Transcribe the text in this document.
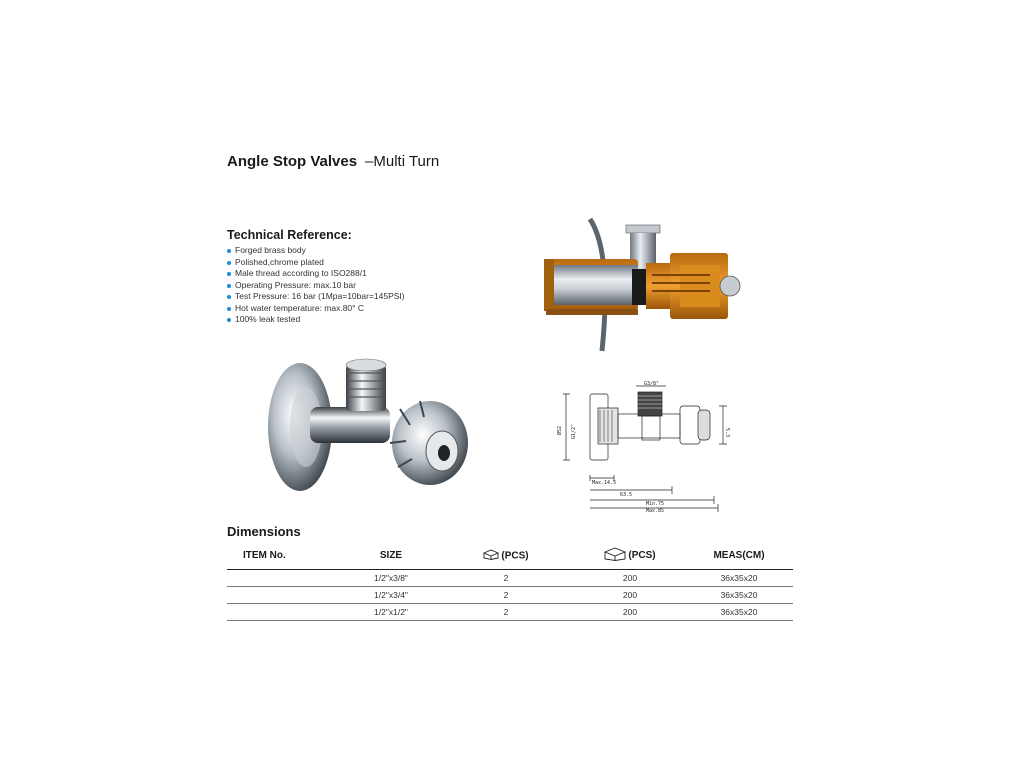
Angle Stop Valves –Multi Turn
Technical Reference:
Forged brass body
Polished,chrome plated
Male thread according to ISO288/1
Operating Pressure: max.10 bar
Test Pressure: 16 bar (1Mpa=10bar=145PSI)
Hot water temperature: max.80° C
100% leak tested
G3/8"
Ø52 G1/2"	5.3
Max.14.5
63.5
Min.75
Max.85
Dimensions
ITEM No.	SIZE	(PCS)	(PCS)	MEAS(CM)
	1/2"x3/8"	2	200	36x35x20
	1/2"x3/4"	2	200	36x35x20
	1/2"x1/2"	2	200	36x35x20
